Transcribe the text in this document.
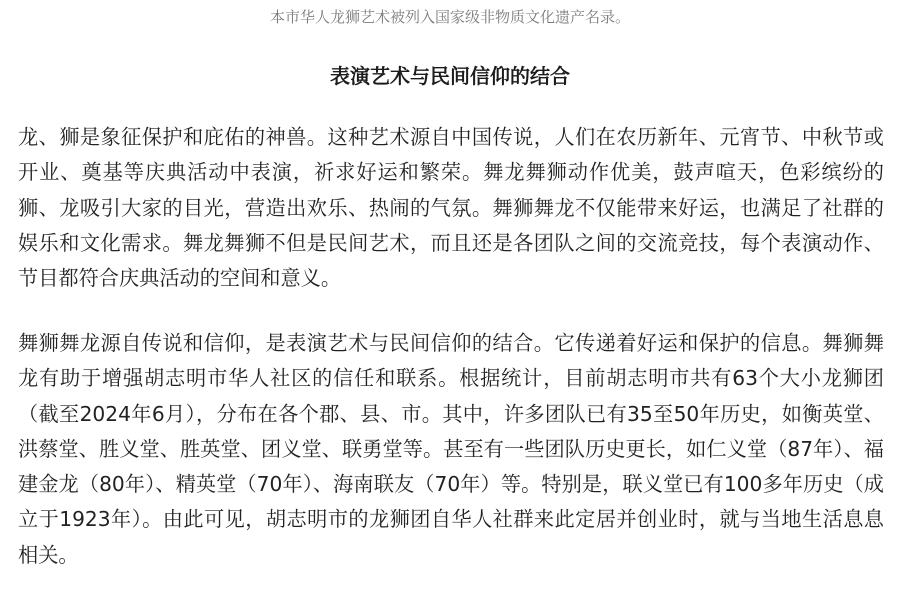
本市华人龙狮艺术被列入国家级非物质文化遗产名录。
表演艺术与民间信仰的结合

龙、狮是象征保护和庇佑的神兽。这种艺术源自中国传说，人们在农历新年、元宵节、中秋节或开业、奠基等庆典活动中表演，祈求好运和繁荣。舞龙舞狮动作优美，鼓声喧天，色彩缤纷的狮、龙吸引大家的目光，营造出欢乐、热闹的气氛。舞狮舞龙不仅能带来好运，也满足了社群的娱乐和文化需求。舞龙舞狮不但是民间艺术，而且还是各团队之间的交流竞技，每个表演动作、节目都符合庆典活动的空间和意义。

舞狮舞龙源自传说和信仰，是表演艺术与民间信仰的结合。它传递着好运和保护的信息。舞狮舞龙有助于增强胡志明市华人社区的信任和联系。根据统计，目前胡志明市共有63个大小龙狮团（截至2024年6月），分布在各个郡、县、市。其中，许多团队已有35至50年历史，如衡英堂、洪蔡堂、胜义堂、胜英堂、团义堂、联勇堂等。甚至有一些团队历史更长，如仁义堂（87年）、福建金龙（80年）、精英堂（70年）、海南联友（70年）等。特别是，联义堂已有100多年历史（成立于1923年）。由此可见，胡志明市的龙狮团自华人社群来此定居并创业时，就与当地生活息息相关。
